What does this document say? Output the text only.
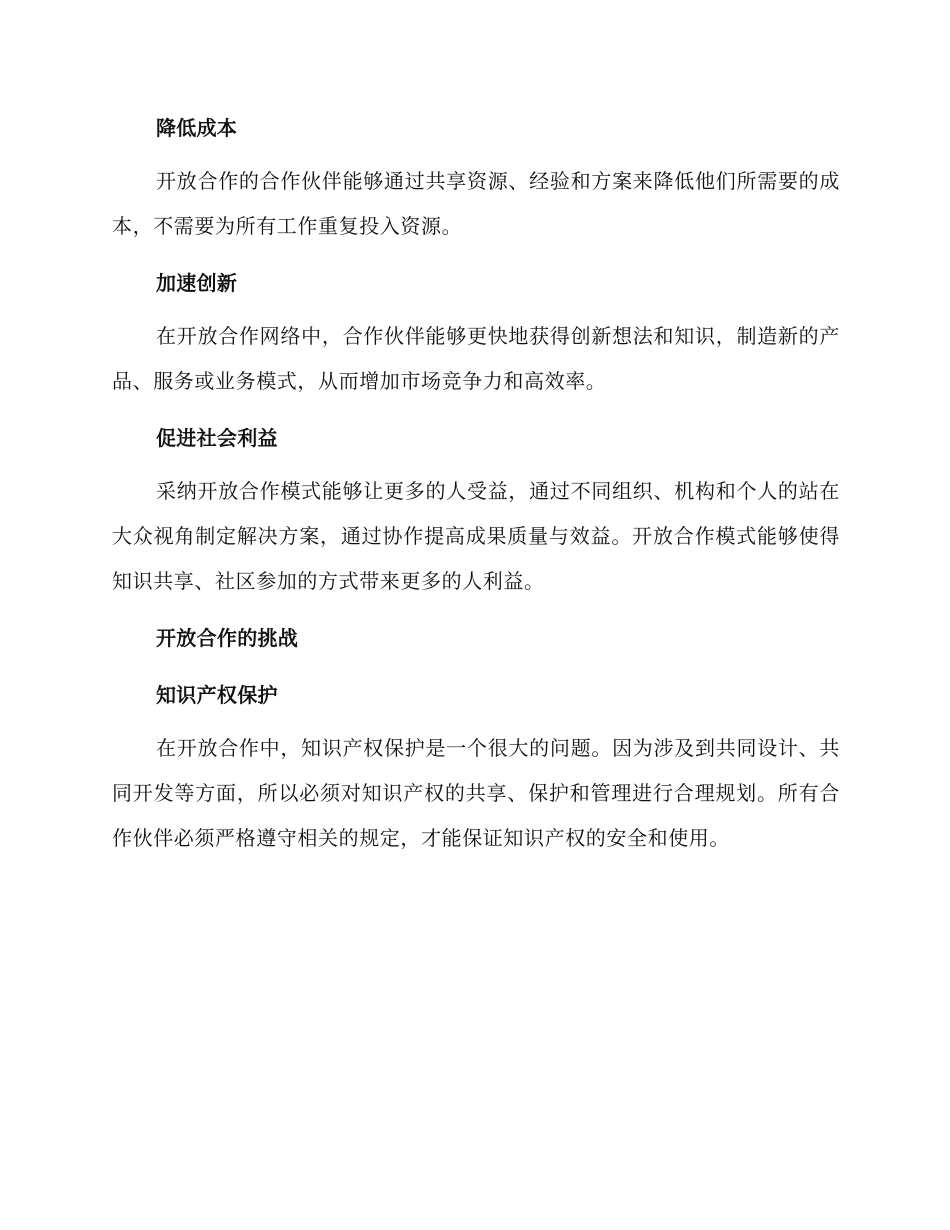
降低成本

开放合作的合作伙伴能够通过共享资源、经验和方案来降低他们所需要的成本，不需要为所有工作重复投入资源。

加速创新

在开放合作网络中，合作伙伴能够更快地获得创新想法和知识，制造新的产品、服务或业务模式，从而增加市场竞争力和高效率。

促进社会利益

采纳开放合作模式能够让更多的人受益，通过不同组织、机构和个人的站在大众视角制定解决方案，通过协作提高成果质量与效益。开放合作模式能够使得知识共享、社区参加的方式带来更多的人利益。

开放合作的挑战
知识产权保护

在开放合作中，知识产权保护是一个很大的问题。因为涉及到共同设计、共同开发等方面，所以必须对知识产权的共享、保护和管理进行合理规划。所有合作伙伴必须严格遵守相关的规定，才能保证知识产权的安全和使用。
